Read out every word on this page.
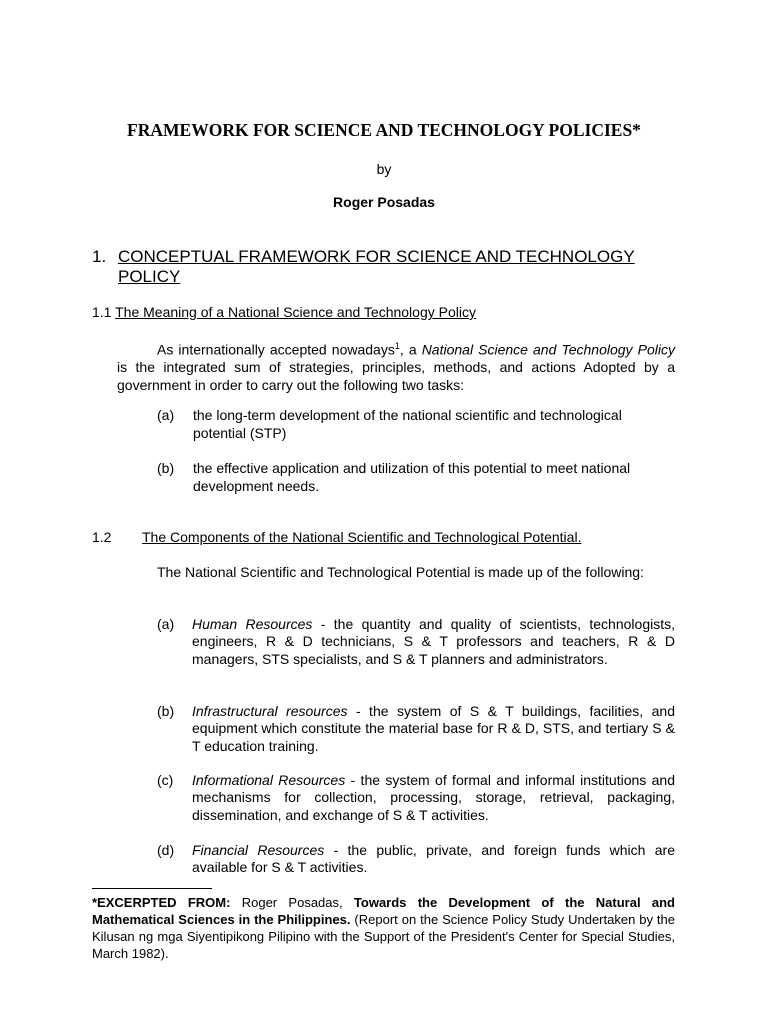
FRAMEWORK FOR SCIENCE AND TECHNOLOGY POLICIES*
by
Roger Posadas
1. CONCEPTUAL FRAMEWORK FOR SCIENCE AND TECHNOLOGY
POLICY
1.1 The Meaning of a National Science and Technology Policy
As internationally accepted nowadays$^1$, a National Science and Technology Policy is the integrated sum of strategies, principles, methods, and actions Adopted by a government in order to carry out the following two tasks:
(a) the long-term development of the national scientific and technological potential (STP)
(b) the effective application and utilization of this potential to meet national development needs.
1.2 The Components of the National Scientific and Technological Potential.
The National Scientific and Technological Potential is made up of the following:
(a) Human Resources - the quantity and quality of scientists, technologists, engineers, R & D technicians, S & T professors and teachers, R & D managers, STS specialists, and S & T planners and administrators.
(b) Infrastructural resources - the system of S & T buildings, facilities, and equipment which constitute the material base for R & D, STS, and tertiary S & T education training.
(c) Informational Resources - the system of formal and informal institutions and mechanisms for collection, processing, storage, retrieval, packaging, dissemination, and exchange of S & T activities.
(d) Financial Resources - the public, private, and foreign funds which are available for S & T activities.
*EXCERPTED FROM: Roger Posadas, Towards the Development of the Natural and Mathematical Sciences in the Philippines. (Report on the Science Policy Study Undertaken by the Kilusan ng mga Siyentipikong Pilipino with the Support of the President's Center for Special Studies, March 1982).
